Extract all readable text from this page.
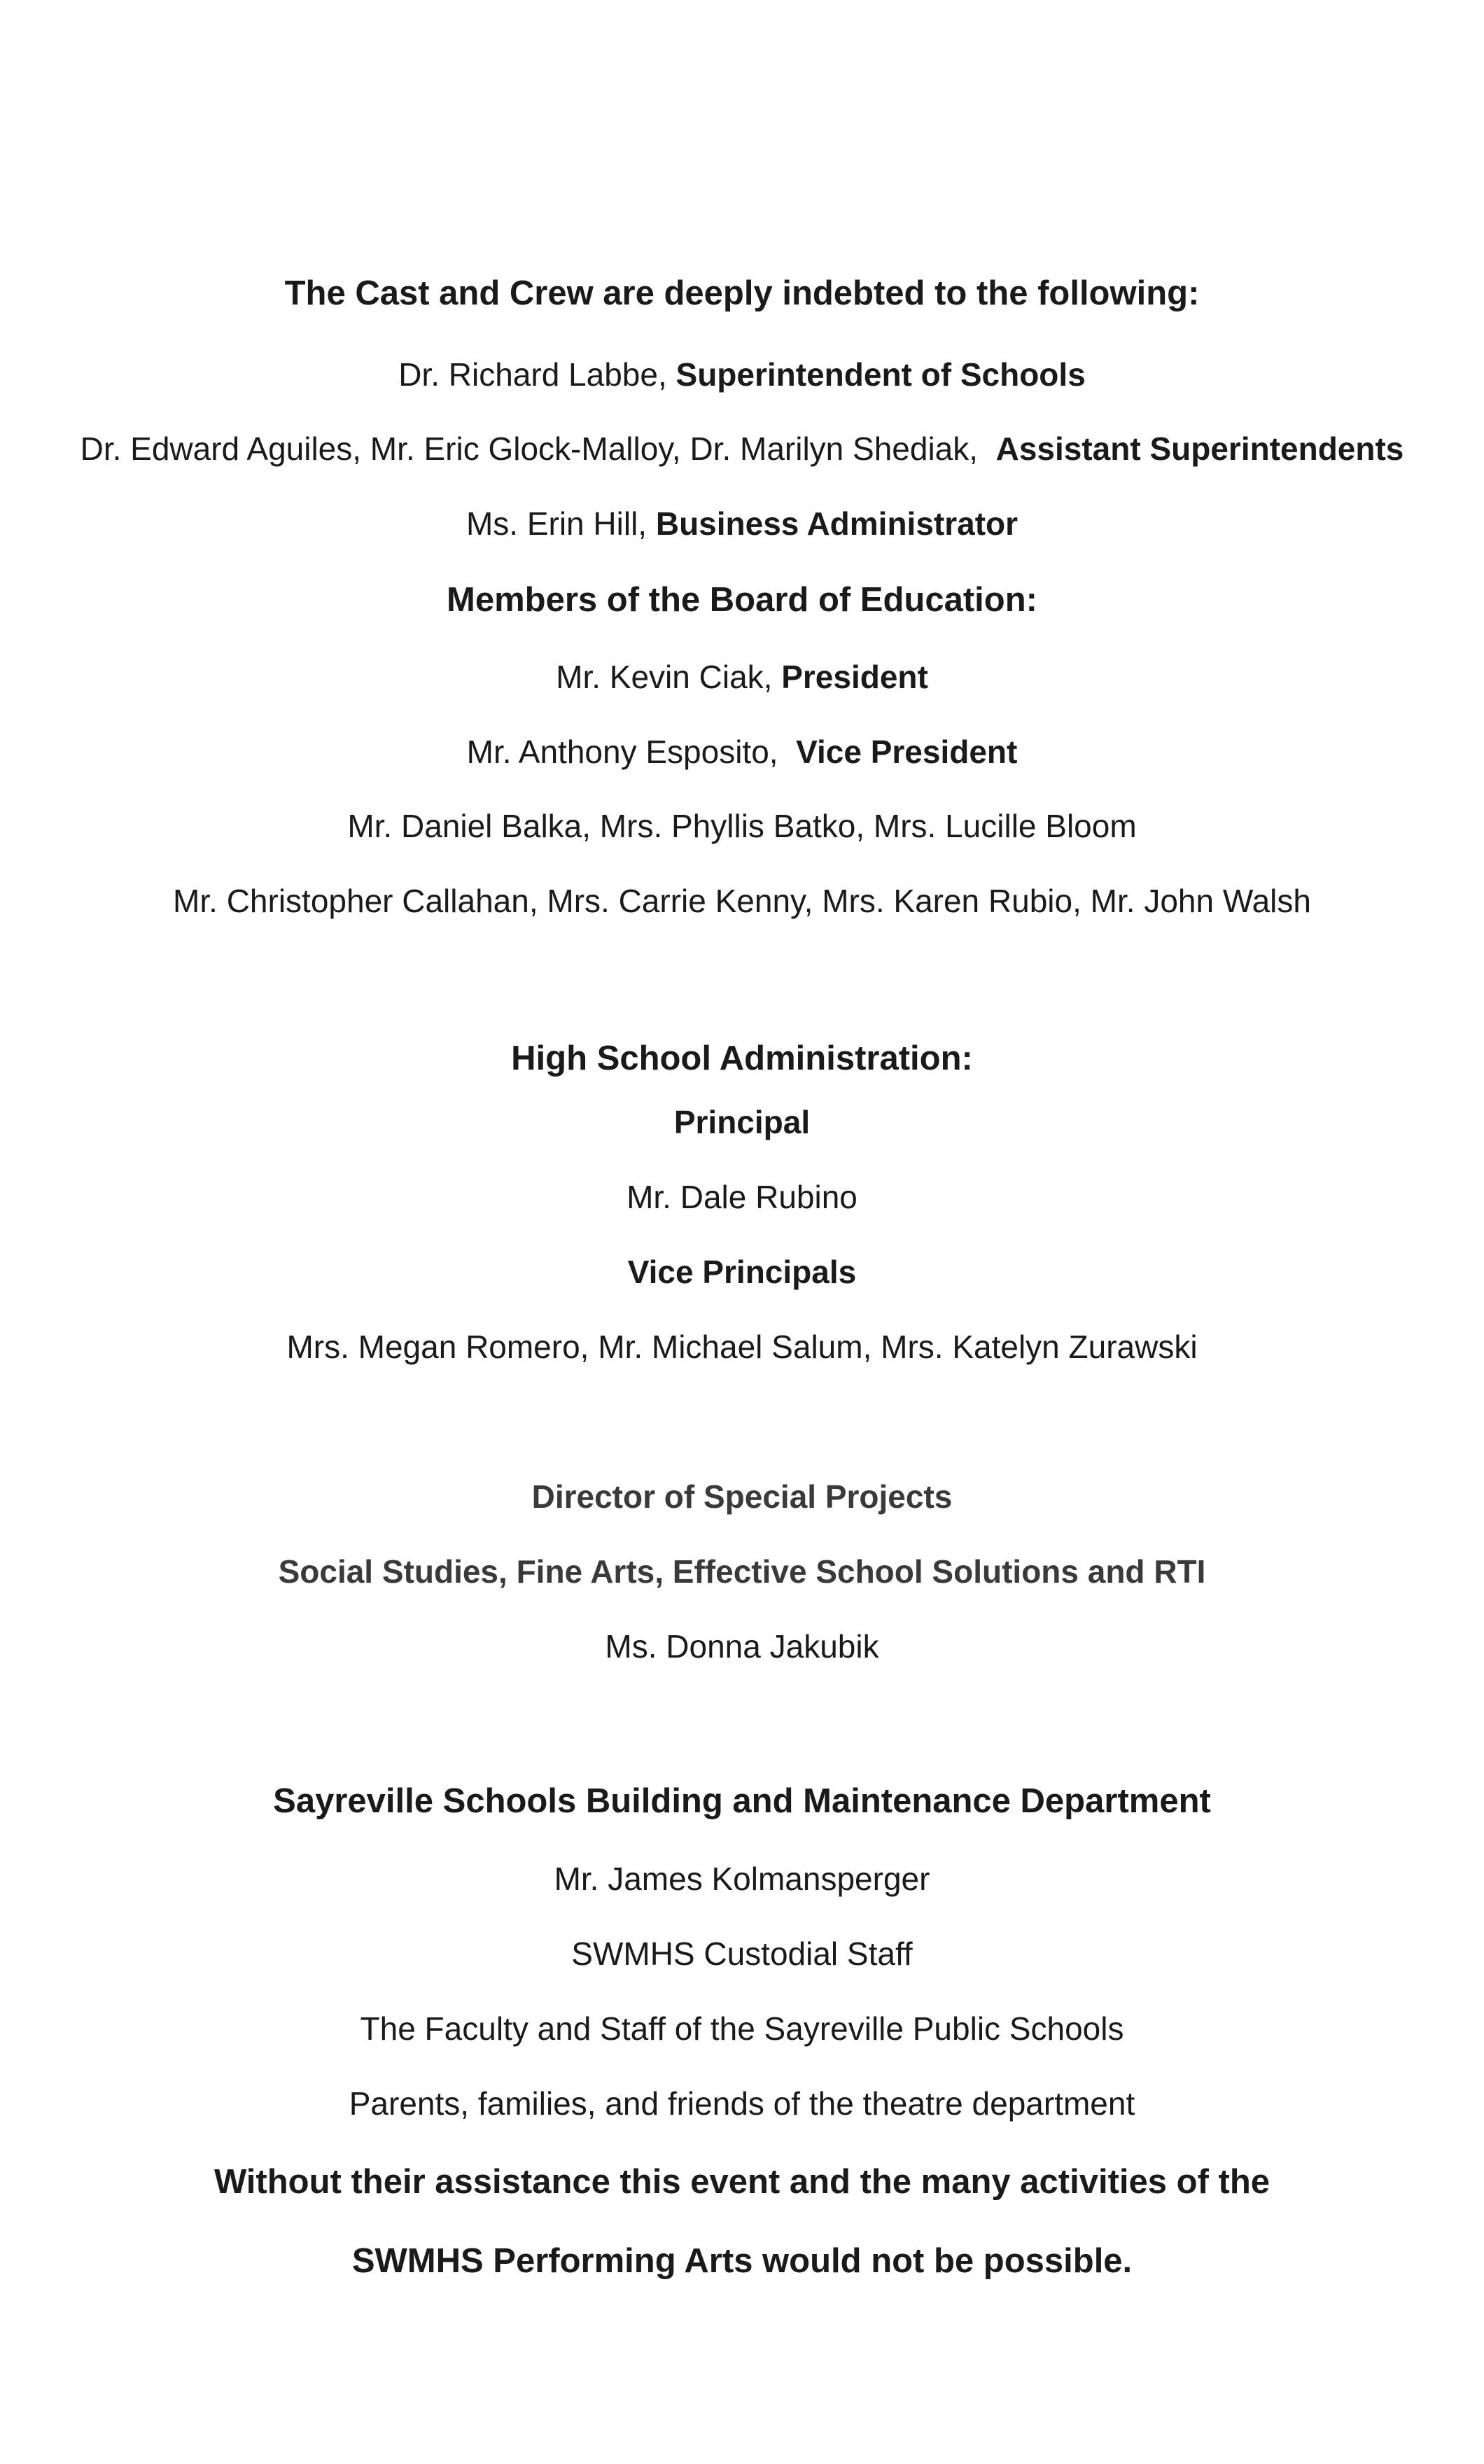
The Cast and Crew are deeply indebted to the following:
Dr. Richard Labbe, Superintendent of Schools
Dr. Edward Aguiles, Mr. Eric Glock-Malloy, Dr. Marilyn Shediak, Assistant Superintendents
Ms. Erin Hill, Business Administrator
Members of the Board of Education:
Mr. Kevin Ciak, President
Mr. Anthony Esposito, Vice President
Mr. Daniel Balka, Mrs. Phyllis Batko, Mrs. Lucille Bloom
Mr. Christopher Callahan, Mrs. Carrie Kenny, Mrs. Karen Rubio, Mr. John Walsh
High School Administration:
Principal
Mr. Dale Rubino
Vice Principals
Mrs. Megan Romero, Mr. Michael Salum, Mrs. Katelyn Zurawski
Director of Special Projects
Social Studies, Fine Arts, Effective School Solutions and RTI
Ms. Donna Jakubik
Sayreville Schools Building and Maintenance Department
Mr. James Kolmansperger
SWMHS Custodial Staff
The Faculty and Staff of the Sayreville Public Schools
Parents, families, and friends of the theatre department
Without their assistance this event and the many activities of the
SWMHS Performing Arts would not be possible.
